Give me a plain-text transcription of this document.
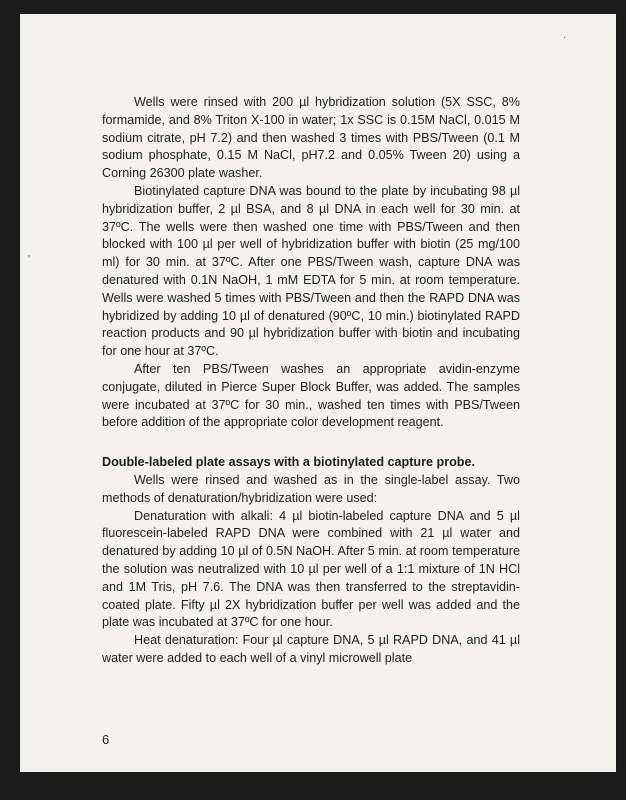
·
'

Wells were rinsed with 200 µl hybridization solution (5X SSC, 8% formamide, and 8% Triton X-100 in water; 1x SSC is 0.15M NaCl, 0.015 M sodium citrate, pH 7.2) and then washed 3 times with PBS/Tween (0.1 M sodium phosphate, 0.15 M NaCl, pH7.2 and 0.05% Tween 20) using a Corning 26300 plate washer.

Biotinylated capture DNA was bound to the plate by incubating 98 µl hybridization buffer, 2 µl BSA, and 8 µl DNA in each well for 30 min. at 37ºC. The wells were then washed one time with PBS/Tween and then blocked with 100 µl per well of hybridization buffer with biotin (25 mg/100 ml) for 30 min. at 37ºC. After one PBS/Tween wash, capture DNA was denatured with 0.1N NaOH, 1 mM EDTA for 5 min. at room temperature. Wells were washed 5 times with PBS/Tween and then the RAPD DNA was hybridized by adding 10 µl of denatured (90ºC, 10 min.) biotinylated RAPD reaction products and 90 µl hybridization buffer with biotin and incubating for one hour at 37ºC.

After ten PBS/Tween washes an appropriate avidin-enzyme conjugate, diluted in Pierce Super Block Buffer, was added. The samples were incubated at 37ºC for 30 min., washed ten times with PBS/Tween before addition of the appropriate color development reagent.

Double-labeled plate assays with a biotinylated capture probe.

Wells were rinsed and washed as in the single-label assay. Two methods of denaturation/hybridization were used:

Denaturation with alkali: 4 µl biotin-labeled capture DNA and 5 µl fluorescein-labeled RAPD DNA were combined with 21 µl water and denatured by adding 10 µl of 0.5N NaOH. After 5 min. at room temperature the solution was neutralized with 10 µl per well of a 1:1 mixture of 1N HCl and 1M Tris, pH 7.6. The DNA was then transferred to the streptavidin-coated plate. Fifty µl 2X hybridization buffer per well was added and the plate was incubated at 37ºC for one hour.

Heat denaturation: Four µl capture DNA, 5 µl RAPD DNA, and 41 µl water were added to each well of a vinyl microwell plate

6
